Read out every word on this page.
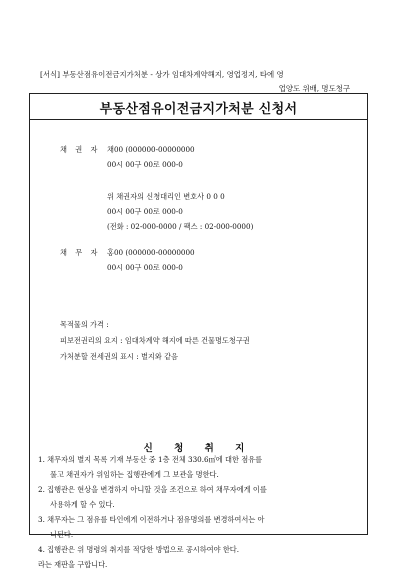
[서식] 부동산점유이전금지가처분 - 상가 임대차계약해지, 영업정지, 타에 영
업양도 위배, 명도청구
부동산점유이전금지가처분 신청서
채 권 자 채00 (000000-00000000
00시 00구 00로 000-0
위 채권자의 신청대리인 변호사 0 0 0
00시 00구 00로 000-0
(전화 : 02-000-0000 / 팩스 : 02-000-0000)
채 무 자 홍00 (000000-00000000
00시 00구 00로 000-0
목적물의 가격 :
피보전권리의 요지 : 임대차계약 해지에 따른 건물명도청구권
가처분할 전세권의 표시 : 별지와 같음
신 청 취 지
1. 채무자의 별지 목록 기재 부동산 중 1층 전체 330.6㎡에 대한 점유를
풀고 채권자가 위임하는 집행관에게 그 보관을 명한다.
2. 집행관은 현상을 변경하지 아니할 것을 조건으로 하여 채무자에게 이를
사용하게 할 수 있다.
3. 채무자는 그 점유를 타인에게 이전하거나 점유명의를 변경하여서는 아
니된다.
4. 집행관은 위 명령의 취지를 적당한 방법으로 공시하여야 한다.
라는 재판을 구합니다.
